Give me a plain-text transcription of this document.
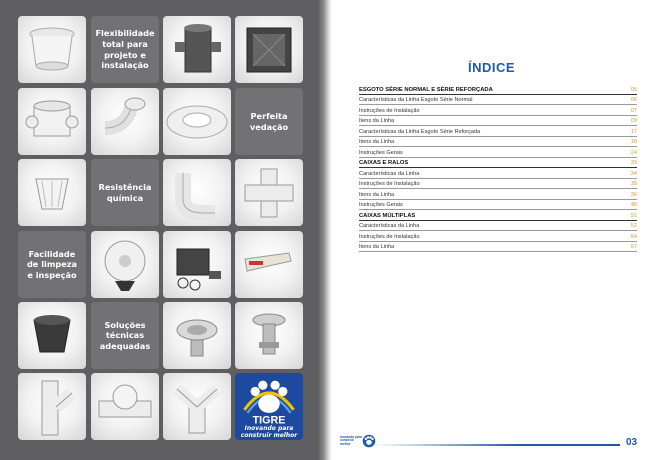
Flexibilidade
total para
projeto e
instalação
Perfeita
vedação
Resistência
química
Facilidade
de limpeza
e inspeção
Soluções
técnicas
adequadas
TIGRE
Inovando para
construir melhor
ÍNDICE
ESGOTO SÉRIE NORMAL E SÉRIE REFORÇADA	05
Características da Linha Esgoto Série Normal	06
Instruções de Instalação	07
Itens da Linha	09
Características da Linha Esgoto Série Reforçada	17
Itens da Linha	18
Instruções Gerais	24
CAIXAS E RALOS	33
Características da Linha	34
Instruções de Instalação	35
Itens da Linha	36
Instruções Gerais	45
CAIXAS MÚLTIPLAS	51
Características da Linha	52
Instruções de Instalação	54
Itens da Linha	57
Inovando para
construir melhor	03
